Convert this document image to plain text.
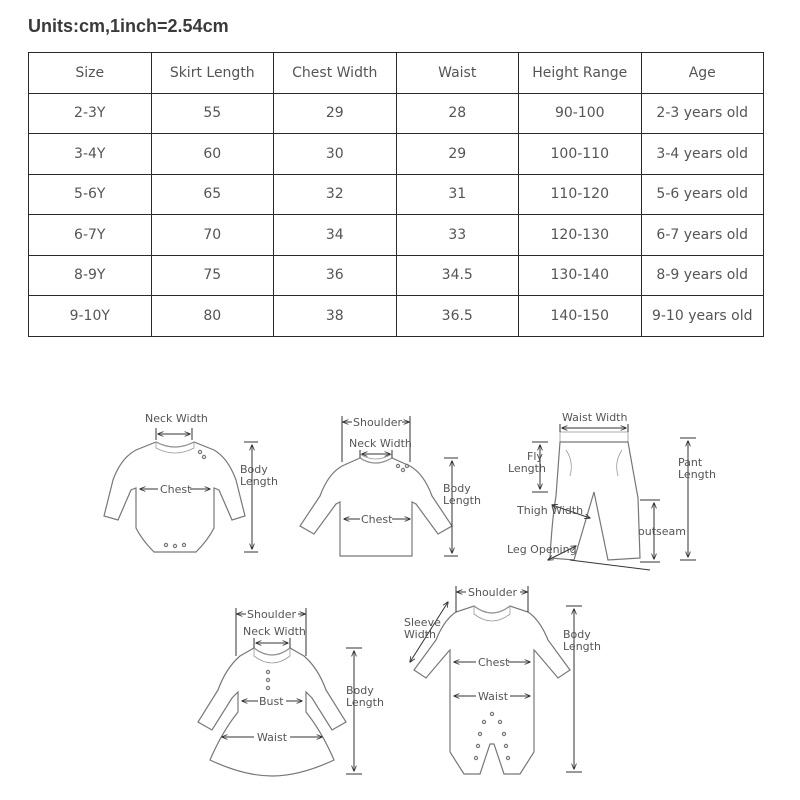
Units:cm,1inch=2.54cm
Size	Skirt Length	Chest Width	Waist	Height Range	Age
2-3Y	55	29	28	90-100	2-3 years old
3-4Y	60	30	29	100-110	3-4 years old
5-6Y	65	32	31	110-120	5-6 years old
6-7Y	70	34	33	120-130	6-7 years old
8-9Y	75	36	34.5	130-140	8-9 years old
9-10Y	80	38	36.5	140-150	9-10 years old
Neck Width
Chest
Body
Length
Shoulder
Neck Width
Chest
Body
Length
Waist Width
Fly
Length	Pant
Length
Thigh Width
outseam
Leg Opening
Shoulder
Neck Width
Bust
Waist
Body
Length
Shoulder
Sleeve
Width
Chest
Waist
Body
Length
